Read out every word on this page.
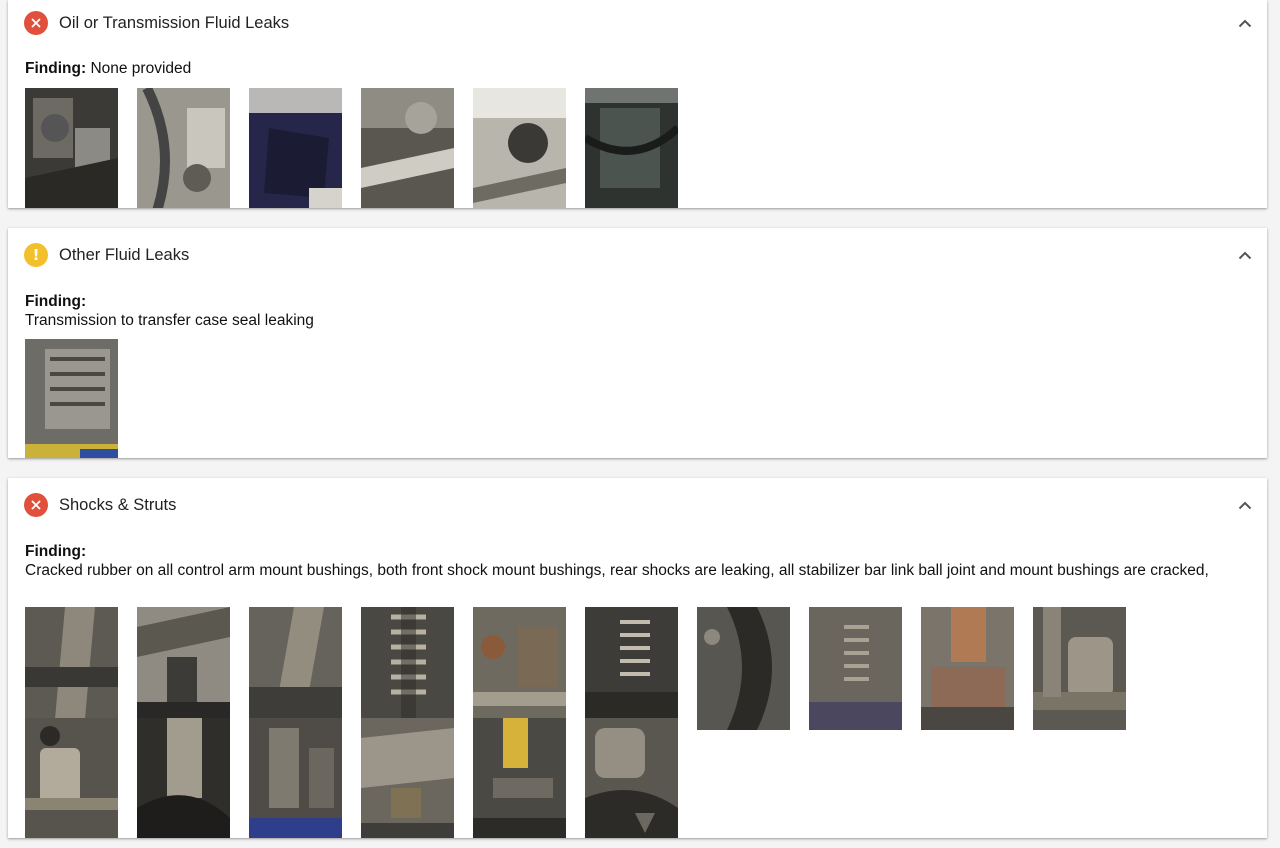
Oil or Transmission Fluid Leaks
Finding: None provided
!	Other Fluid Leaks
Finding:
Transmission to transfer case seal leaking
Shocks & Struts
Finding:
Cracked rubber on all control arm mount bushings, both front shock mount bushings, rear shocks are leaking, all stabilizer bar link ball joint and mount bushings are cracked,
